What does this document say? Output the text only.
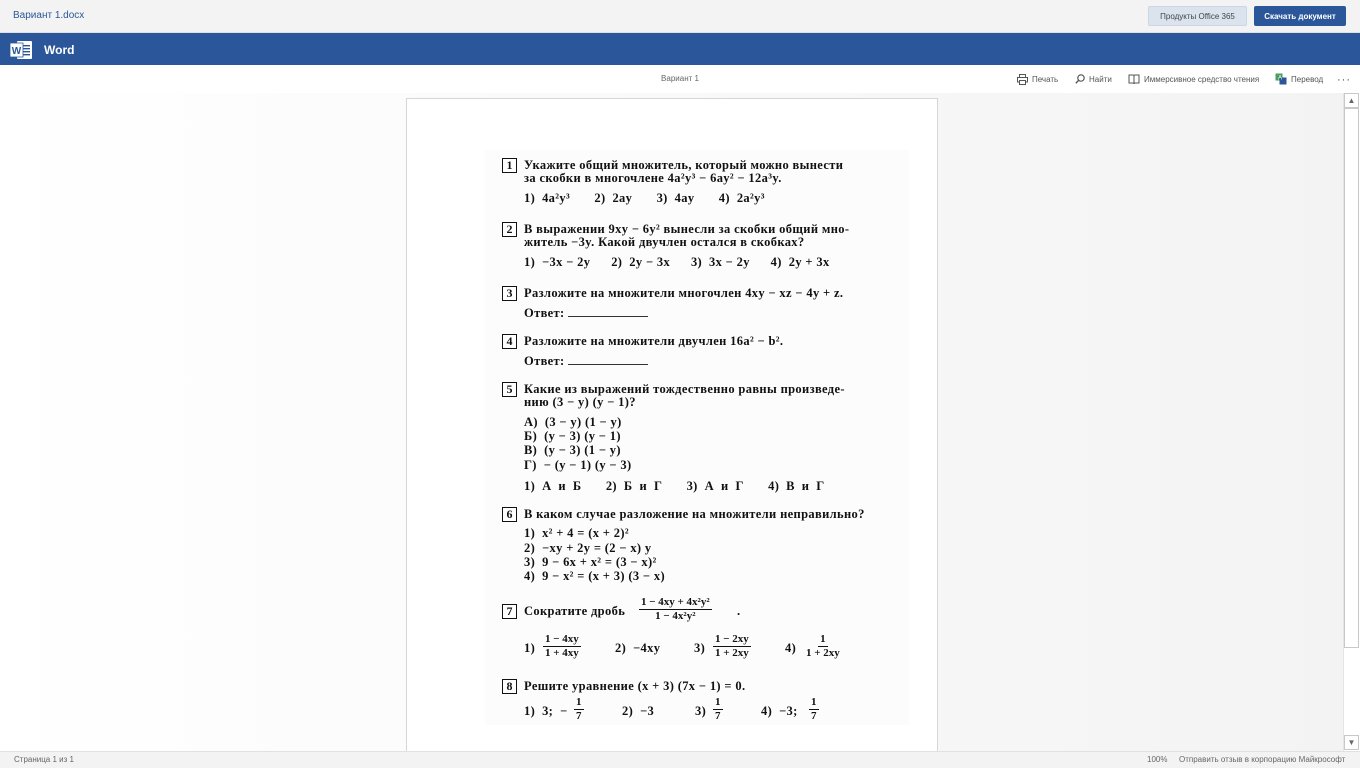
Вариант 1.docx	Продукты Office 365	Скачать документ
W Word
Вариант 1	Печать	Найти	Иммерсивное средство чтения	A Перевод ···
1 Укажите общий множитель, который можно вынести
за скобки в многочлене 4a²y³ − 6ay² − 12a³y.
1)  4a²y³       2)  2ay       3)  4ay       4)  2a²y³
2 В выражении 9xy − 6y² вынесли за скобки общий мно-
житель −3y. Какой двучлен остался в скобках?
1)  −3x − 2y      2)  2y − 3x      3)  3x − 2y      4)  2y + 3x
3 Разложите на множители многочлен 4xy − xz − 4y + z.
Ответ:
4 Разложите на множители двучлен 16a² − b².
Ответ:
5 Какие из выражений тождественно равны произведе-
нию (3 − y) (y − 1)?
А)  (3 − y) (1 − y)
Б)  (y − 3) (y − 1)
В)  (y − 3) (1 − y)
Г)  − (y − 1) (y − 3)
1)  А  и  Б       2)  Б  и  Г       3)  А  и  Г       4)  В  и  Г
6 В каком случае разложение на множители неправильно?
1)  x² + 4 = (x + 2)²
2)  −xy + 2y = (2 − x) y
3)  9 − 6x + x² = (3 − x)²
4)  9 − x² = (x + 3) (3 − x)
7 Сократите дробь $\frac{\text{1 − 4xy + 4x²y²}}{\text{1 − 4x²y²}}$ .
$1) \frac{1 - 4xy}{1 + 4xy}$	2)  −4xy	$3) \frac{1 - 2xy}{1 + 2xy}$	$4) \frac{1}{1 + 2xy}$
8 Решите уравнение (x + 3) (7x − 1) = 0.
1)  3;  − $\frac{1}{7}$	2)  −3	$3) \frac{1}{7}$	4)  −3; $\frac{1}{7}$
▲
▼
Страница 1 из 1	100% Отправить отзыв в корпорацию Майкрософт
